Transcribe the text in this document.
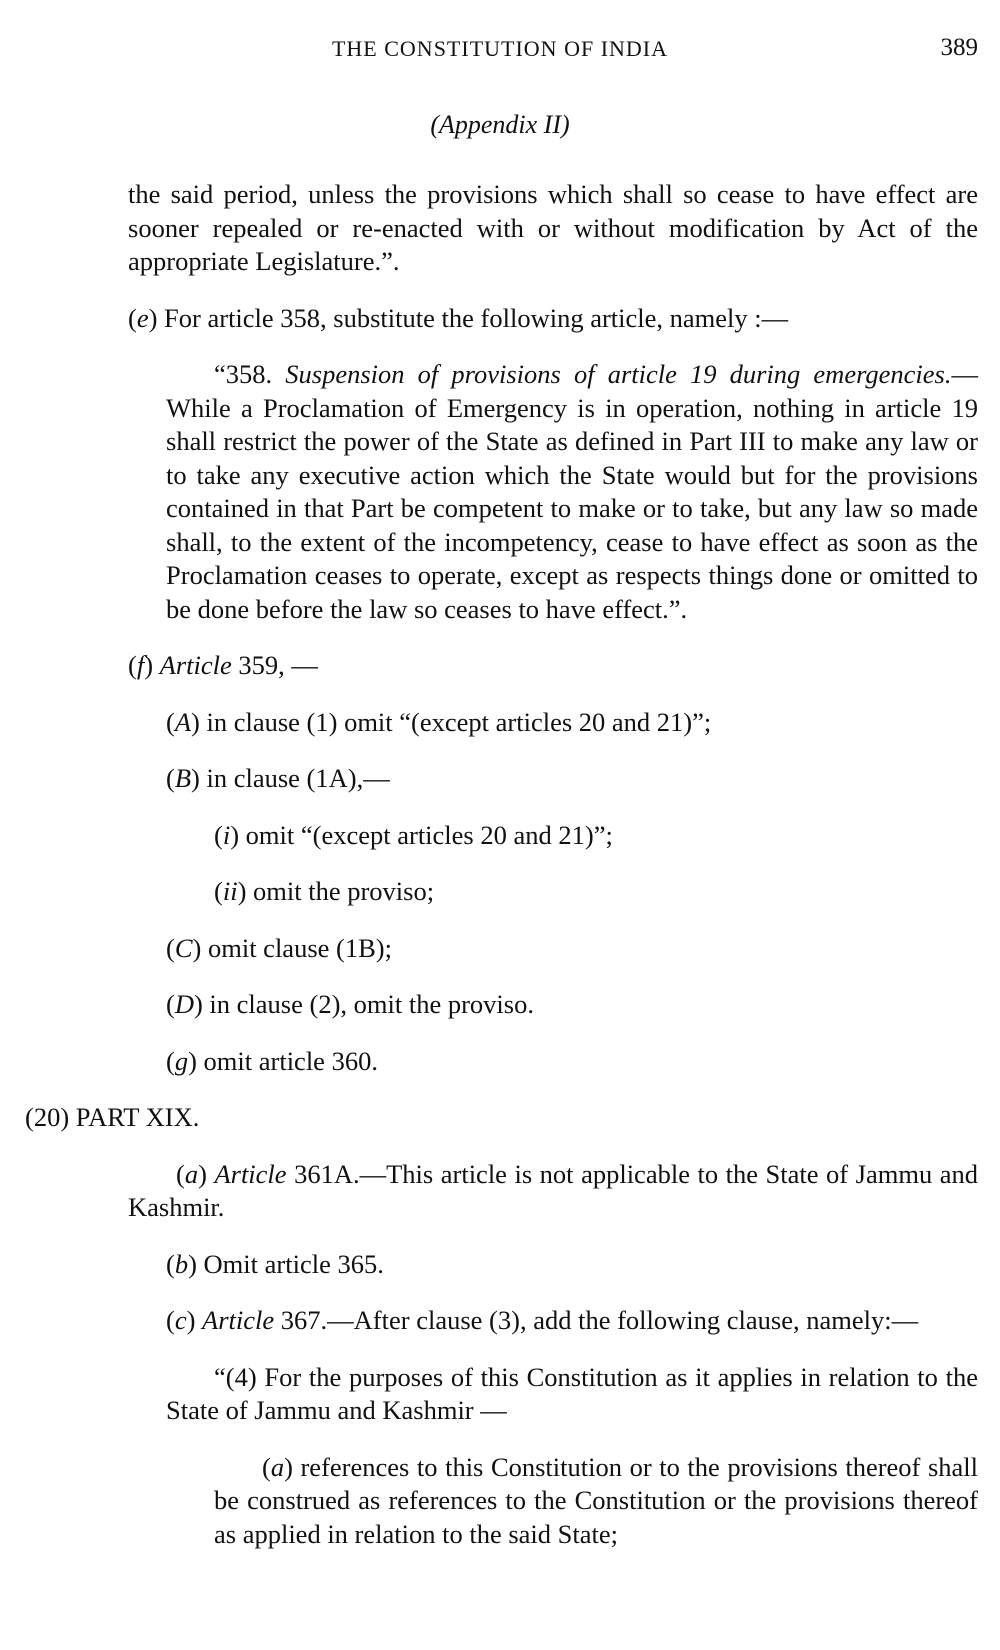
THE CONSTITUTION OF INDIA	389
(Appendix II)

the said period, unless the provisions which shall so cease to have effect are sooner repealed or re-enacted with or without modification by Act of the appropriate Legislature.”.

(e) For article 358, substitute the following article, namely :—

“358. Suspension of provisions of article 19 during emergencies.—While a Proclamation of Emergency is in operation, nothing in article 19 shall restrict the power of the State as defined in Part III to make any law or to take any executive action which the State would but for the provisions contained in that Part be competent to make or to take, but any law so made shall, to the extent of the incompetency, cease to have effect as soon as the Proclamation ceases to operate, except as respects things done or omitted to be done before the law so ceases to have effect.”.

(f) Article 359, —

(A) in clause (1) omit “(except articles 20 and 21)”;

(B) in clause (1A),—

(i) omit “(except articles 20 and 21)”;

(ii) omit the proviso;

(C) omit clause (1B);

(D) in clause (2), omit the proviso.

(g) omit article 360.

(20) PART XIX.

(a) Article 361A.—This article is not applicable to the State of Jammu and Kashmir.

(b) Omit article 365.

(c) Article 367.—After clause (3), add the following clause, namely:—

“(4) For the purposes of this Constitution as it applies in relation to the State of Jammu and Kashmir —

(a) references to this Constitution or to the provisions thereof shall be construed as references to the Constitution or the provisions thereof as applied in relation to the said State;
